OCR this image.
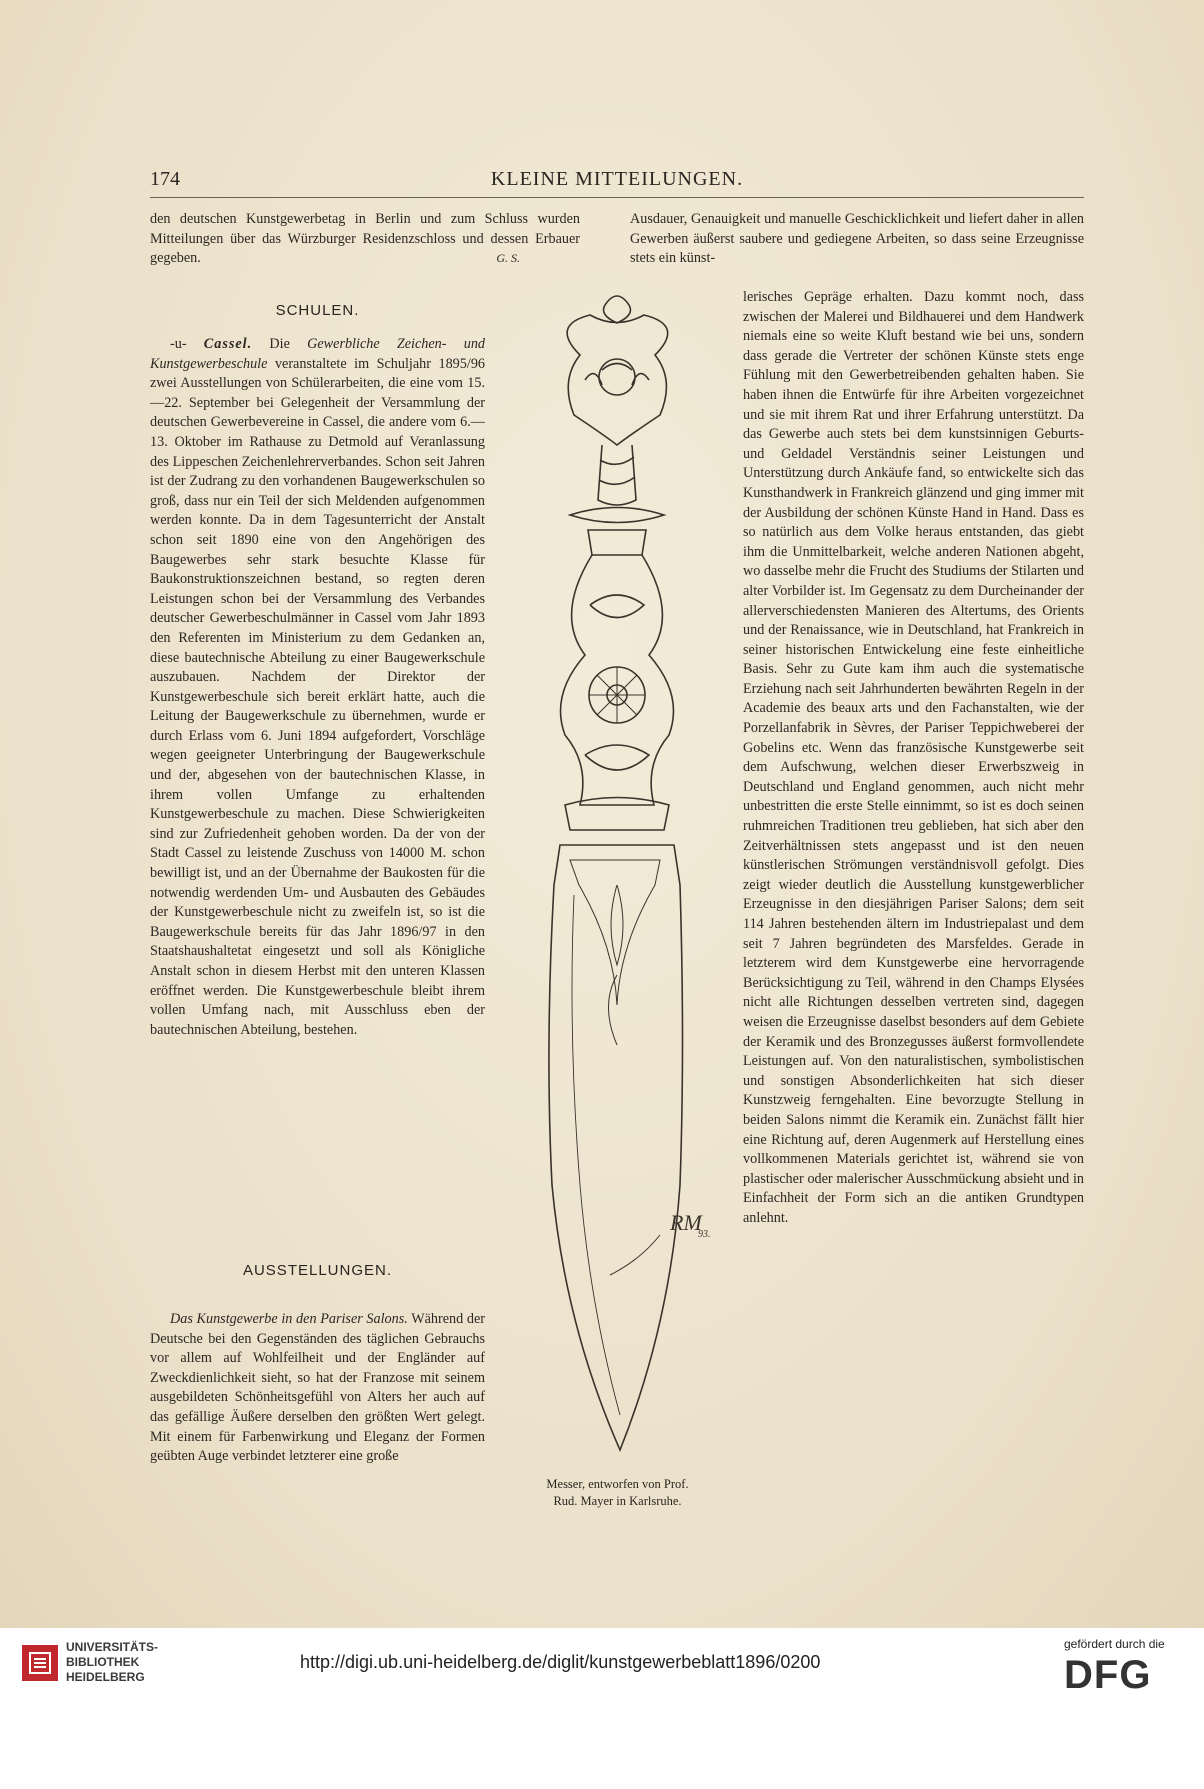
174	KLEINE MITTEILUNGEN.

den deutschen Kunstgewerbetag in Berlin und zum Schluss wurden Mitteilungen über das Würzburger Residenzschloss und dessen Erbauer gegeben.	G. S.

SCHULEN.

-u- Cassel. Die Gewerbliche Zeichen- und Kunstgewerbeschule veranstaltete im Schuljahr 1895/96 zwei Ausstellungen von Schülerarbeiten, die eine vom 15.—22. September bei Gelegenheit der Versammlung der deutschen Gewerbevereine in Cassel, die andere vom 6.—13. Oktober im Rathause zu Detmold auf Veranlassung des Lippeschen Zeichenlehrerverbandes. Schon seit Jahren ist der Zudrang zu den vorhandenen Baugewerkschulen so groß, dass nur ein Teil der sich Meldenden aufgenommen werden konnte. Da in dem Tagesunterricht der Anstalt schon seit 1890 eine von den Angehörigen des Baugewerbes sehr stark besuchte Klasse für Baukonstruktionszeichnen bestand, so regten deren Leistungen schon bei der Versammlung des Verbandes deutscher Gewerbeschulmänner in Cassel vom Jahr 1893 den Referenten im Ministerium zu dem Gedanken an, diese bautechnische Abteilung zu einer Baugewerkschule auszubauen. Nachdem der Direktor der Kunstgewerbeschule sich bereit erklärt hatte, auch die Leitung der Baugewerkschule zu übernehmen, wurde er durch Erlass vom 6. Juni 1894 aufgefordert, Vorschläge wegen geeigneter Unterbringung der Baugewerkschule und der, abgesehen von der bautechnischen Klasse, in ihrem vollen Umfange zu erhaltenden Kunstgewerbeschule zu machen. Diese Schwierigkeiten sind zur Zufriedenheit gehoben worden. Da der von der Stadt Cassel zu leistende Zuschuss von 14000 M. schon bewilligt ist, und an der Übernahme der Baukosten für die notwendig werdenden Um- und Ausbauten des Gebäudes der Kunstgewerbeschule nicht zu zweifeln ist, so ist die Baugewerkschule bereits für das Jahr 1896/97 in den Staatshaushaltetat eingesetzt und soll als Königliche Anstalt schon in diesem Herbst mit den unteren Klassen eröffnet werden. Die Kunstgewerbeschule bleibt ihrem vollen Umfang nach, mit Ausschluss eben der bautechnischen Abteilung, bestehen.

AUSSTELLUNGEN.

Das Kunstgewerbe in den Pariser Salons. Während der Deutsche bei den Gegenständen des täglichen Gebrauchs vor allem auf Wohlfeilheit und der Engländer auf Zweckdienlichkeit sieht, so hat der Franzose mit seinem ausgebildeten Schönheitsgefühl von Alters her auch auf das gefällige Äußere derselben den größten Wert gelegt. Mit einem für Farbenwirkung und Eleganz der Formen geübten Auge verbindet letzterer eine große

Ausdauer, Genauigkeit und manuelle Geschicklichkeit und liefert daher in allen Gewerben äußerst saubere und gediegene Arbeiten, so dass seine Erzeugnisse stets ein künst-

lerisches Gepräge erhalten. Dazu kommt noch, dass zwischen der Malerei und Bildhauerei und dem Handwerk niemals eine so weite Kluft bestand wie bei uns, sondern dass gerade die Vertreter der schönen Künste stets enge Fühlung mit den Gewerbetreibenden gehalten haben. Sie haben ihnen die Entwürfe für ihre Arbeiten vorgezeichnet und sie mit ihrem Rat und ihrer Erfahrung unterstützt. Da das Gewerbe auch stets bei dem kunstsinnigen Geburts- und Geldadel Verständnis seiner Leistungen und Unterstützung durch Ankäufe fand, so entwickelte sich das Kunsthandwerk in Frankreich glänzend und ging immer mit der Ausbildung der schönen Künste Hand in Hand. Dass es so natürlich aus dem Volke heraus entstanden, das giebt ihm die Unmittelbarkeit, welche anderen Nationen abgeht, wo dasselbe mehr die Frucht des Studiums der Stilarten und alter Vorbilder ist. Im Gegensatz zu dem Durcheinander der allerverschiedensten Manieren des Altertums, des Orients und der Renaissance, wie in Deutschland, hat Frankreich in seiner historischen Entwickelung eine feste einheitliche Basis. Sehr zu Gute kam ihm auch die systematische Erziehung nach seit Jahrhunderten bewährten Regeln in der Academie des beaux arts und den Fachanstalten, wie der Porzellanfabrik in Sèvres, der Pariser Teppichweberei der Gobelins etc. Wenn das französische Kunstgewerbe seit dem Aufschwung, welchen dieser Erwerbszweig in Deutschland und England genommen, auch nicht mehr unbestritten die erste Stelle einnimmt, so ist es doch seinen ruhmreichen Traditionen treu geblieben, hat sich aber den Zeitverhältnissen stets angepasst und ist den neuen künstlerischen Strömungen verständnisvoll gefolgt. Dies zeigt wieder deutlich die Ausstellung kunstgewerblicher Erzeugnisse in den diesjährigen Pariser Salons; dem seit 114 Jahren bestehenden ältern im Industriepalast und dem seit 7 Jahren begründeten des Marsfeldes. Gerade in letzterem wird dem Kunstgewerbe eine hervorragende Berücksichtigung zu Teil, während in den Champs Elysées nicht alle Richtungen desselben vertreten sind, dagegen weisen die Erzeugnisse daselbst besonders auf dem Gebiete der Keramik und des Bronzegusses äußerst formvollendete Leistungen auf. Von den naturalistischen, symbolistischen und sonstigen Absonderlichkeiten hat sich dieser Kunstzweig ferngehalten. Eine bevorzugte Stellung in beiden Salons nimmt die Keramik ein. Zunächst fällt hier eine Richtung auf, deren Augenmerk auf Herstellung eines vollkommenen Materials gerichtet ist, während sie von plastischer oder malerischer Ausschmückung absieht und in Einfachheit der Form sich an die antiken Grundtypen anlehnt.

RM
93.
Messer, entworfen von Prof.
Rud. Mayer in Karlsruhe.
UNIVERSITÄTS-
BIBLIOTHEK
HEIDELBERG
http://digi.ub.uni-heidelberg.de/diglit/kunstgewerbeblatt1896/0200
gefördert durch die
DFG
